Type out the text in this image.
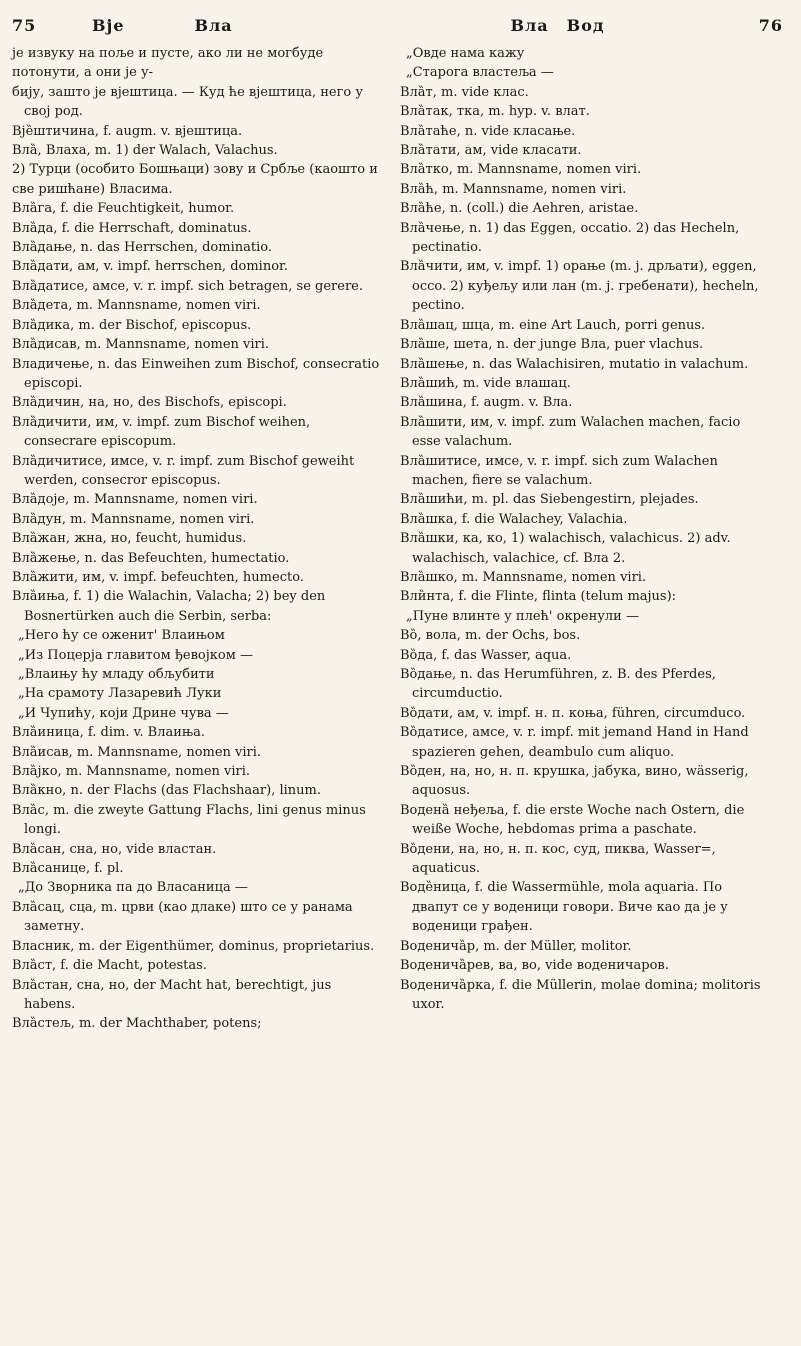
75	Вје	Вла	Вла Вод	76
је извуку на поље и пусте, ако ли не могбуде потонути, а они је у-
бију, зашто је вјештица. — Куд ће вјештица, него у свој род.
Вје̏штичина, f. augm. v. вјештица.
Вла̏, Влаха, m. 1) der Walach, Valachus.
2) Турци (особито Бошњаци) зову и Србље (каошто и све ришћане) Власима.
Вла̏га, f. die Feuchtigkeit, humor.
Вла̏да, f. die Herrschaft, dominatus.
Вла̏дање, n. das Herrschen, dominatio.
Вла̏дати, ам, v. impf. herrschen, dominor.
Вла̏датисе, амсе, v. r. impf. sich betragen, se gerere.
Вла̏дета, m. Mannsname, nomen viri.
Вла̏дика, m. der Bischof, episcopus.
Вла̏дисав, m. Mannsname, nomen viri.
Владичење, n. das Einweihen zum Bischof, consecratio episcopi.
Вла̏дичин, на, но, des Bischofs, episcopi.
Вла̏дичити, им, v. impf. zum Bischof weihen, consecrare episcopum.
Вла̏дичитисе, имсе, v. r. impf. zum Bischof geweiht werden, consecror episcopus.
Вла̏доје, m. Mannsname, nomen viri.
Вла̏дун, m. Mannsname, nomen viri.
Вла̏жан, жна, но, feucht, humidus.
Вла̏жење, n. das Befeuchten, humectatio.
Вла̏жити, им, v. impf. befeuchten, humecto.
Вла̏иња, f. 1) die Walachin, Valacha; 2) bey den Bosnertürken auch die Serbin, serba:
„Него ћу се оженит' Влаињом
„Из Поцерја главитом ђевојком —
„Влаињу ћу младу обљубити
„На срамоту Лазаревић Луки
„И Чупићу, који Дрине чува —
Вла̏иница, f. dim. v. Влаиња.
Вла̏исав, m. Mannsname, nomen viri.
Вла̏јко, m. Mannsname, nomen viri.
Вла̏кно, n. der Flachs (das Flachshaar), linum.
Вла̏с, m. die zweyte Gattung Flachs, lini genus minus longi.
Вла̏сан, сна, но, vide властан.
Вла̏санице, f. pl.
„До Зворника па до Власаница —
Вла̏сац, сца, m. црви (као длаке) што се у ранама заметну.
Власник, m. der Eigenthümer, dominus, proprietarius.
Вла̏ст, f. die Macht, potestas.
Вла̏стан, сна, но, der Macht hat, berechtigt, jus habens.
Вла̏стељ, m. der Machthaber, potens;
„Овде нама кажу
„Старога властеља —
Вла̏т, m. vide клас.
Вла̏так, тка, m. hyp. v. влат.
Вла̏таће, n. vide класање.
Вла̏тати, ам, vide класати.
Вла̏тко, m. Mannsname, nomen viri.
Вла̏ћ, m. Mannsname, nomen viri.
Вла̏ће, n. (coll.) die Aehren, aristae.
Вла̏чење, n. 1) das Eggen, occatio. 2) das Hecheln, pectinatio.
Вла̏чити, им, v. impf. 1) орање (m. j. дрљати), eggen, occo. 2) куђељу или лан (m. j. гребенати), hecheln, pectino.
Вла̏шац, шца, m. eine Art Lauch, porri genus.
Вла̏ше, шета, n. der junge Вла, puer vlachus.
Вла̏шење, n. das Walachisiren, mutatio in valachum.
Вла̏шић, m. vide влашац.
Вла̏шина, f. augm. v. Вла.
Вла̏шити, им, v. impf. zum Walachen machen, facio esse valachum.
Вла̏шитисе, имсе, v. r. impf. sich zum Walachen machen, fiere se valachum.
Вла̏шићи, m. pl. das Siebengestirn, plejades.
Вла̏шка, f. die Walachey, Valachia.
Вла̏шки, ка, ко, 1) walachisch, valachicus. 2) adv. walachisch, valachice, cf. Вла 2.
Вла̏шко, m. Mannsname, nomen viri.
Вли̏нта, f. die Flinte, flinta (telum majus):
„Пуне влинте у плећ' окренули —
Во̏, вола, m. der Ochs, bos.
Во̏да, f. das Wasser, aqua.
Во̏дање, n. das Herumführen, z. B. des Pferdes, circumductio.
Во̏дати, ам, v. impf. н. п. коња, führen, circumduco.
Во̏датисе, амсе, v. r. impf. mit jemand Hand in Hand spazieren gehen, deambulo cum aliquo.
Во̏ден, на, но, н. п. крушка, јабука, вино, wässerig, aquosus.
Водена̏ неђеља, f. die erste Woche nach Ostern, die weiße Woche, hebdomas prima a paschate.
Во̏дени, на, но, н. п. кос, суд, пиква, Wasser=, aquaticus.
Воде̏ница, f. die Wassermühle, mola aquaria. По двапут се у воденици говори. Виче као да је у воденици грађен.
Воденича̏р, m. der Müller, molitor.
Воденича̏рев, ва, во, vide воденичаров.
Воденича̏рка, f. die Müllerin, molae domina; molitoris uxor.
